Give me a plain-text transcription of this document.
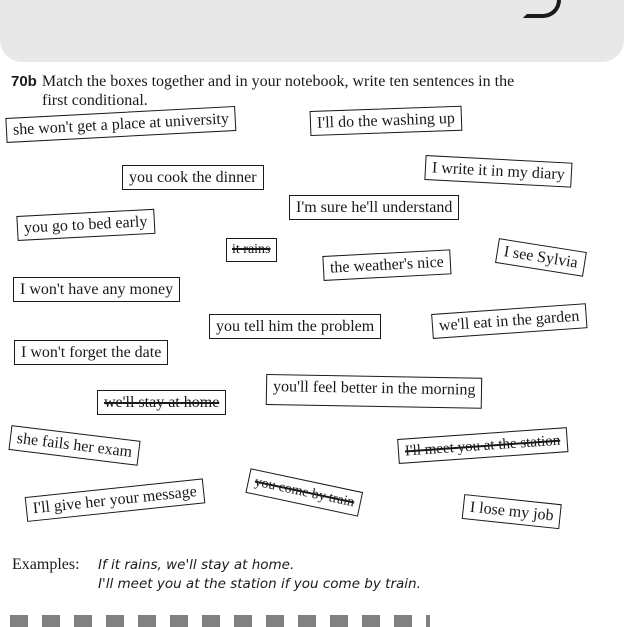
70b Match the boxes together and in your notebook, write ten sentences in the
first conditional.
she won't get a place at university	I'll do the washing up
you cook the dinner	I write it in my diary
I'm sure he'll understand
you go to bed early
it rains	I see Sylvia
the weather's nice
I won't have any money
you tell him the problem	we'll eat in the garden
I won't forget the date
you'll feel better in the morning
we'll stay at home
she fails her exam	I'll meet you at the station
you come by train
I'll give her your message	I lose my job
Examples: If it rains, we'll stay at home.
I'll meet you at the station if you come by train.
